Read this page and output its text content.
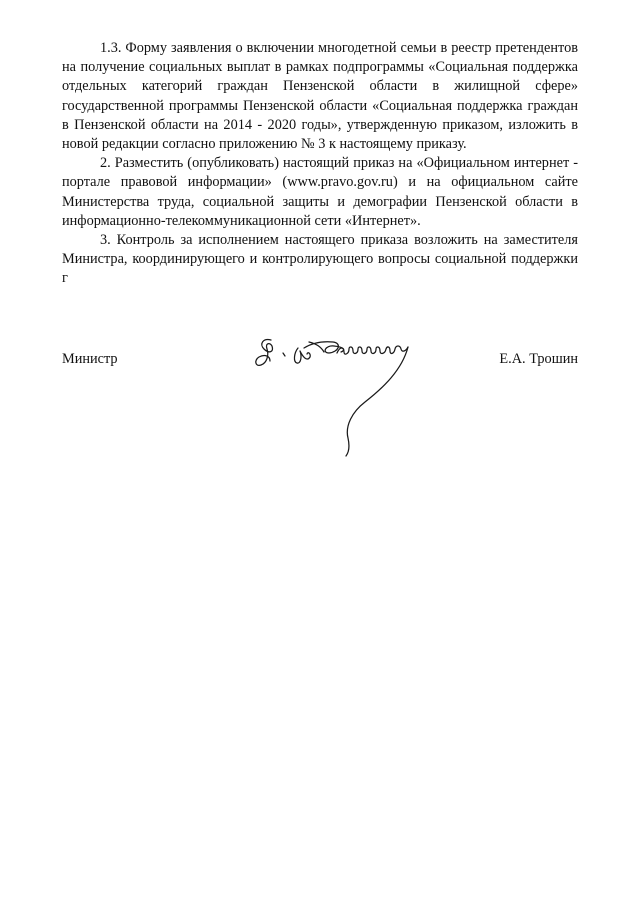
1.3. Форму заявления о включении многодетной семьи в реестр претендентов на получение социальных выплат в рамках подпрограммы «Социальная поддержка отдельных категорий граждан Пензенской области в жилищной сфере» государственной программы Пензенской области «Социальная поддержка граждан в Пензенской области на 2014 - 2020 годы», утвержденную приказом, изложить в новой редакции согласно приложению № 3 к настоящему приказу.

2. Разместить (опубликовать) настоящий приказ на «Официальном интернет - портале правовой информации» (www.pravo.gov.ru) и на официальном сайте Министерства труда, социальной защиты и демографии Пензенской области в информационно-телекоммуникационной сети «Интернет».

3. Контроль за исполнением настоящего приказа возложить на заместителя Министра, координирующего и контролирующего вопросы социальной поддержки г

Министр	Е.А. Трошин
